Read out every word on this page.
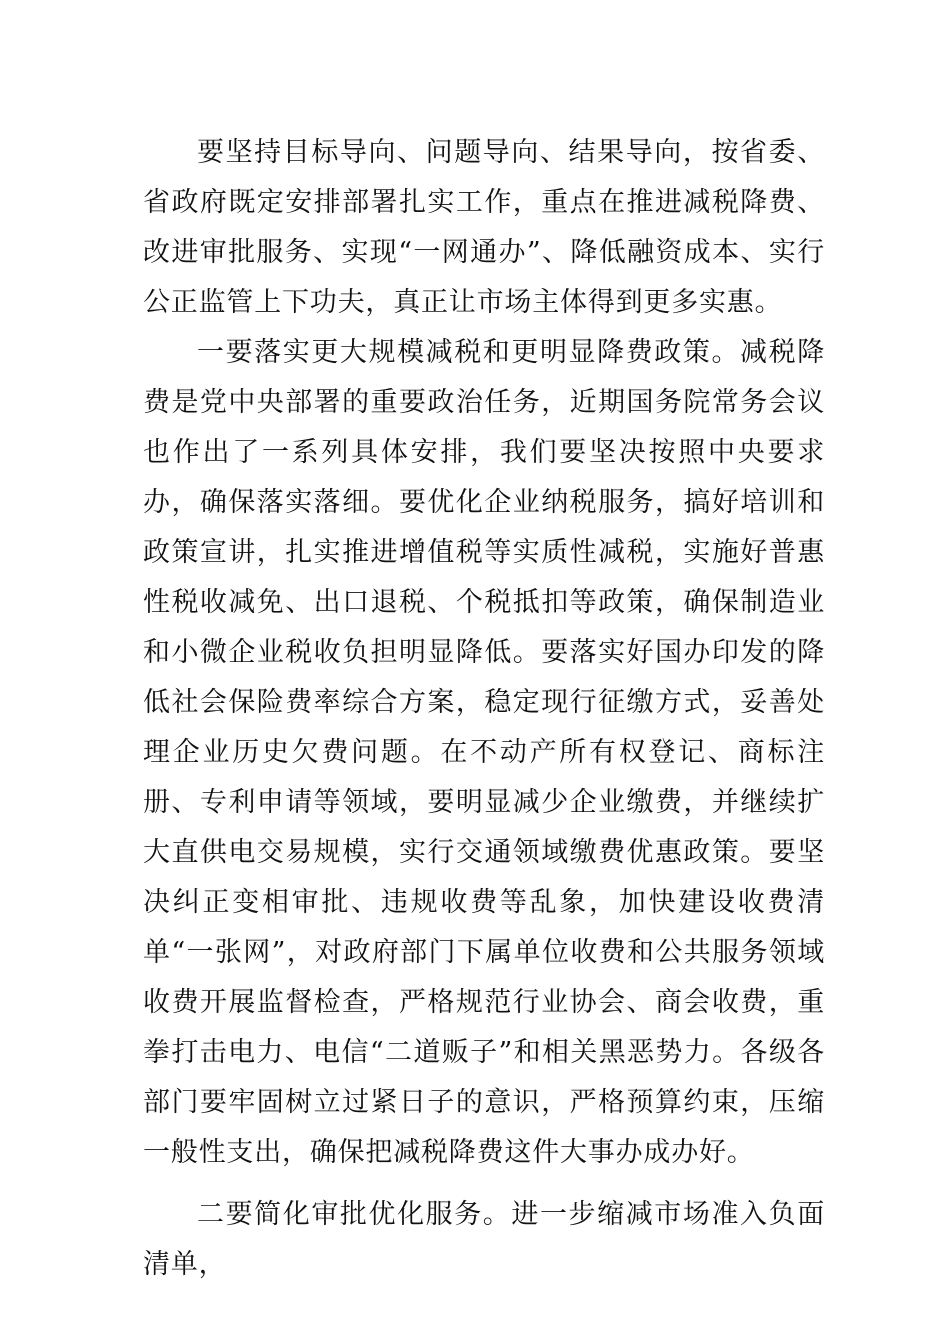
要坚持目标导向、问题导向、结果导向，按省委、省政府既定安排部署扎实工作，重点在推进减税降费、改进审批服务、实现“一网通办”、降低融资成本、实行公正监管上下功夫，真正让市场主体得到更多实惠。

一要落实更大规模减税和更明显降费政策。减税降费是党中央部署的重要政治任务，近期国务院常务会议也作出了一系列具体安排，我们要坚决按照中央要求办，确保落实落细。要优化企业纳税服务，搞好培训和政策宣讲，扎实推进增值税等实质性减税，实施好普惠性税收减免、出口退税、个税抵扣等政策，确保制造业和小微企业税收负担明显降低。要落实好国办印发的降低社会保险费率综合方案，稳定现行征缴方式，妥善处理企业历史欠费问题。在不动产所有权登记、商标注册、专利申请等领域，要明显减少企业缴费，并继续扩大直供电交易规模，实行交通领域缴费优惠政策。要坚决纠正变相审批、违规收费等乱象，加快建设收费清单“一张网”，对政府部门下属单位收费和公共服务领域收费开展监督检查，严格规范行业协会、商会收费，重拳打击电力、电信“二道贩子”和相关黑恶势力。各级各部门要牢固树立过紧日子的意识，严格预算约束，压缩一般性支出，确保把减税降费这件大事办成办好。

二要简化审批优化服务。进一步缩减市场准入负面清单，
